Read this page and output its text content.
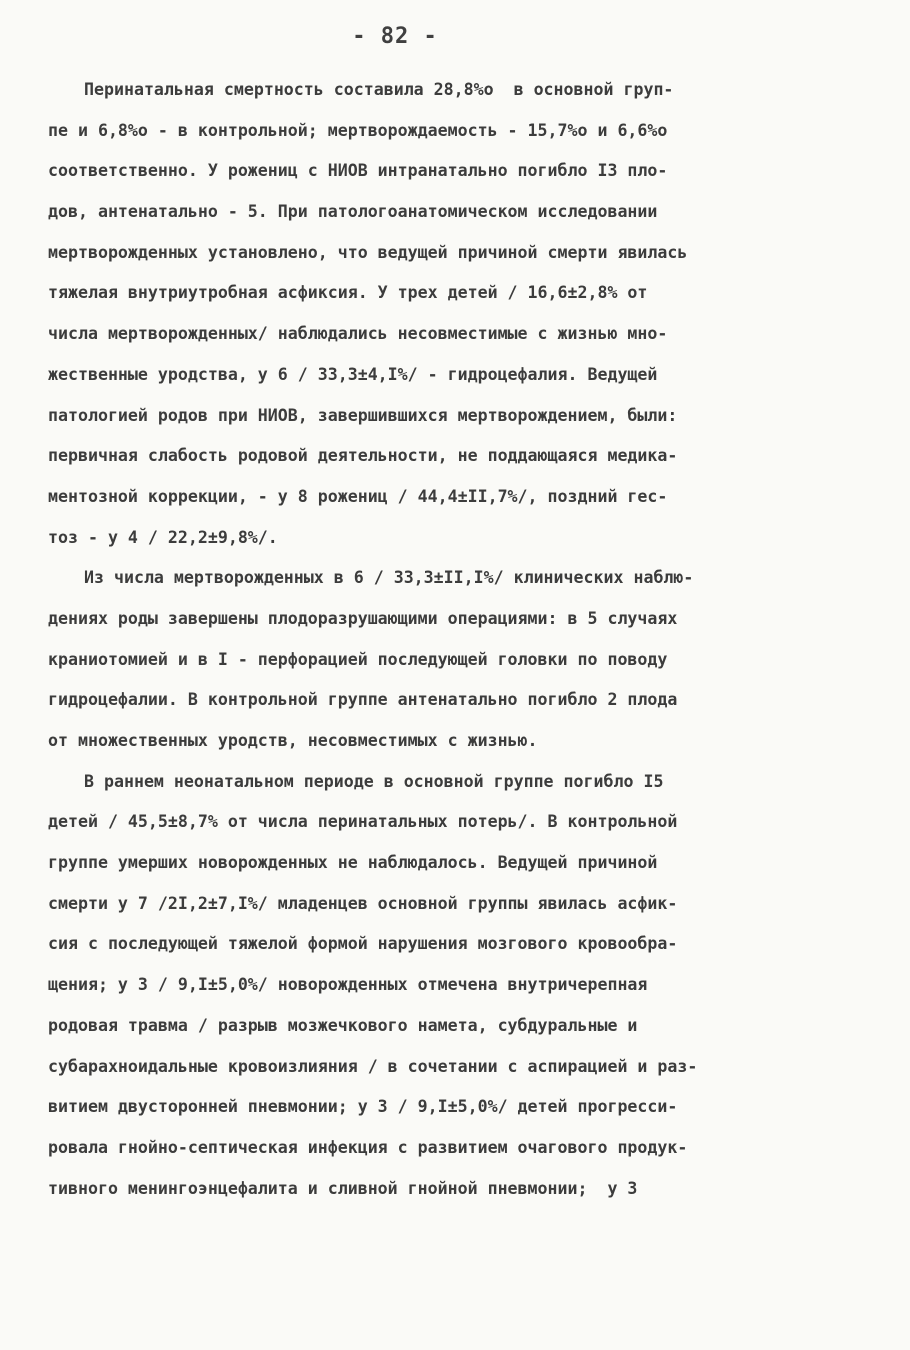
- 82 -
Перинатальная смертность составила 28,8%о  в основной груп-
пе и 6,8%о - в контрольной; мертворождаемость - 15,7%о и 6,6%о
соответственно. У рожениц с НИОВ интранатально погибло I3 пло-
дов, антенатально - 5. При патологоанатомическом исследовании
мертворожденных установлено, что ведущей причиной смерти явилась
тяжелая внутриутробная асфиксия. У трех детей / 16,6±2,8% от
числа мертворожденных/ наблюдались несовместимые с жизнью мно-
жественные уродства, у 6 / 33,3±4,I%/ - гидроцефалия. Ведущей
патологией родов при НИОВ, завершившихся мертворождением, были:
первичная слабость родовой деятельности, не поддающаяся медика-
ментозной коррекции, - у 8 рожениц / 44,4±II,7%/, поздний гес-
тоз - у 4 / 22,2±9,8%/.
Из числа мертворожденных в 6 / 33,3±II,I%/ клинических наблю-
дениях роды завершены плодоразрушающими операциями: в 5 случаях
краниотомией и в I - перфорацией последующей головки по поводу
гидроцефалии. В контрольной группе антенатально погибло 2 плода
от множественных уродств, несовместимых с жизнью.
В раннем неонатальном периоде в основной группе погибло I5
детей / 45,5±8,7% от числа перинатальных потерь/. В контрольной
группе умерших новорожденных не наблюдалось. Ведущей причиной
смерти у 7 /2I,2±7,I%/ младенцев основной группы явилась асфик-
сия с последующей тяжелой формой нарушения мозгового кровообра-
щения; у 3 / 9,I±5,0%/ новорожденных отмечена внутричерепная
родовая травма / разрыв мозжечкового намета, субдуральные и
субарахноидальные кровоизлияния / в сочетании с аспирацией и раз-
витием двусторонней пневмонии; у 3 / 9,I±5,0%/ детей прогресси-
ровала гнойно-септическая инфекция с развитием очагового продук-
тивного менингоэнцефалита и сливной гнойной пневмонии;  у 3
